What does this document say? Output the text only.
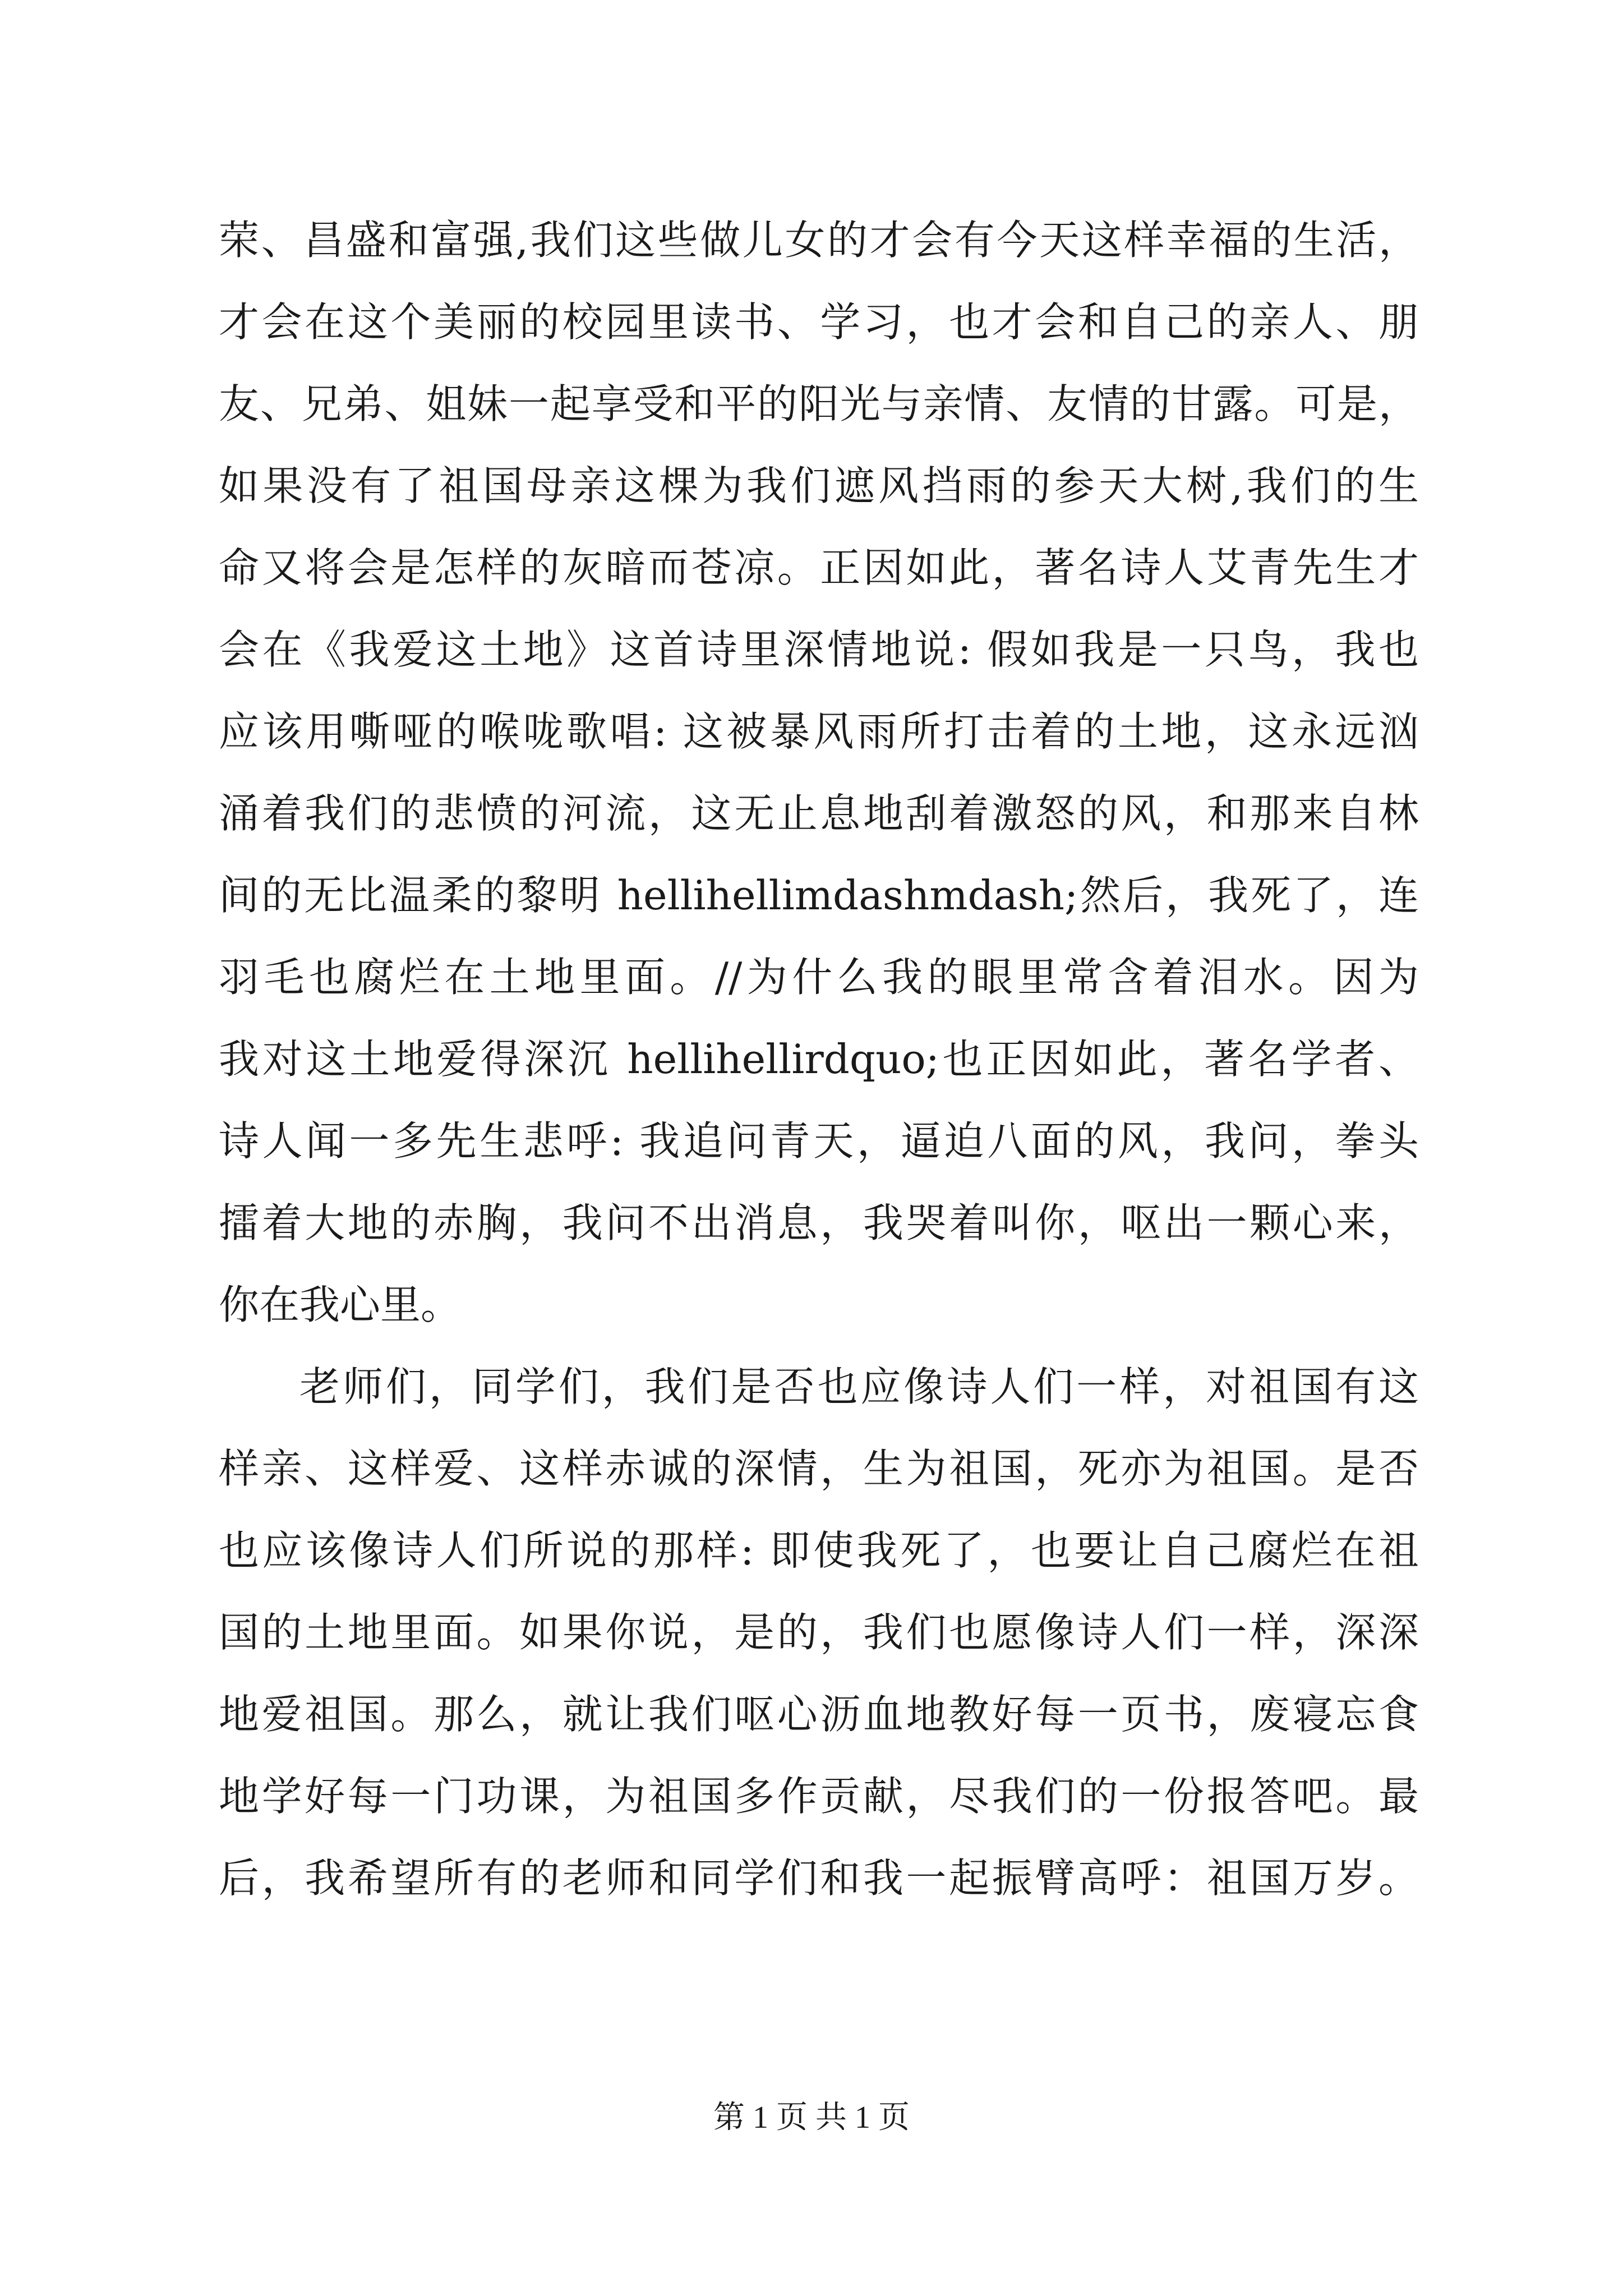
荣、昌盛和富强,我们这些做儿女的才会有今天这样幸福的生活，
才会在这个美丽的校园里读书、学习，也才会和自己的亲人、朋
友、兄弟、姐妹一起享受和平的阳光与亲情、友情的甘露。可是，
如果没有了祖国母亲这棵为我们遮风挡雨的参天大树,我们的生
命又将会是怎样的灰暗而苍凉。正因如此，著名诗人艾青先生才
会在《我爱这土地》这首诗里深情地说: 假如我是一只鸟，我也
应该用嘶哑的喉咙歌唱: 这被暴风雨所打击着的土地，这永远汹
涌着我们的悲愤的河流，这无止息地刮着激怒的风，和那来自林
间的无比温柔的黎明 hellihellimdashmdash;然后，我死了，连
羽毛也腐烂在土地里面。//为什么我的眼里常含着泪水。因为
我对这土地爱得深沉 hellihellirdquo;也正因如此，著名学者、
诗人闻一多先生悲呼: 我追问青天，逼迫八面的风，我问，拳头
擂着大地的赤胸，我问不出消息，我哭着叫你，呕出一颗心来，
你在我心里。
老师们，同学们，我们是否也应像诗人们一样，对祖国有这
样亲、这样爱、这样赤诚的深情，生为祖国，死亦为祖国。是否
也应该像诗人们所说的那样: 即使我死了，也要让自己腐烂在祖
国的土地里面。如果你说，是的，我们也愿像诗人们一样，深深
地爱祖国。那么，就让我们呕心沥血地教好每一页书，废寝忘食
地学好每一门功课，为祖国多作贡献，尽我们的一份报答吧。最
后，我希望所有的老师和同学们和我一起振臂高呼：祖国万岁。
第 1 页 共 1 页
